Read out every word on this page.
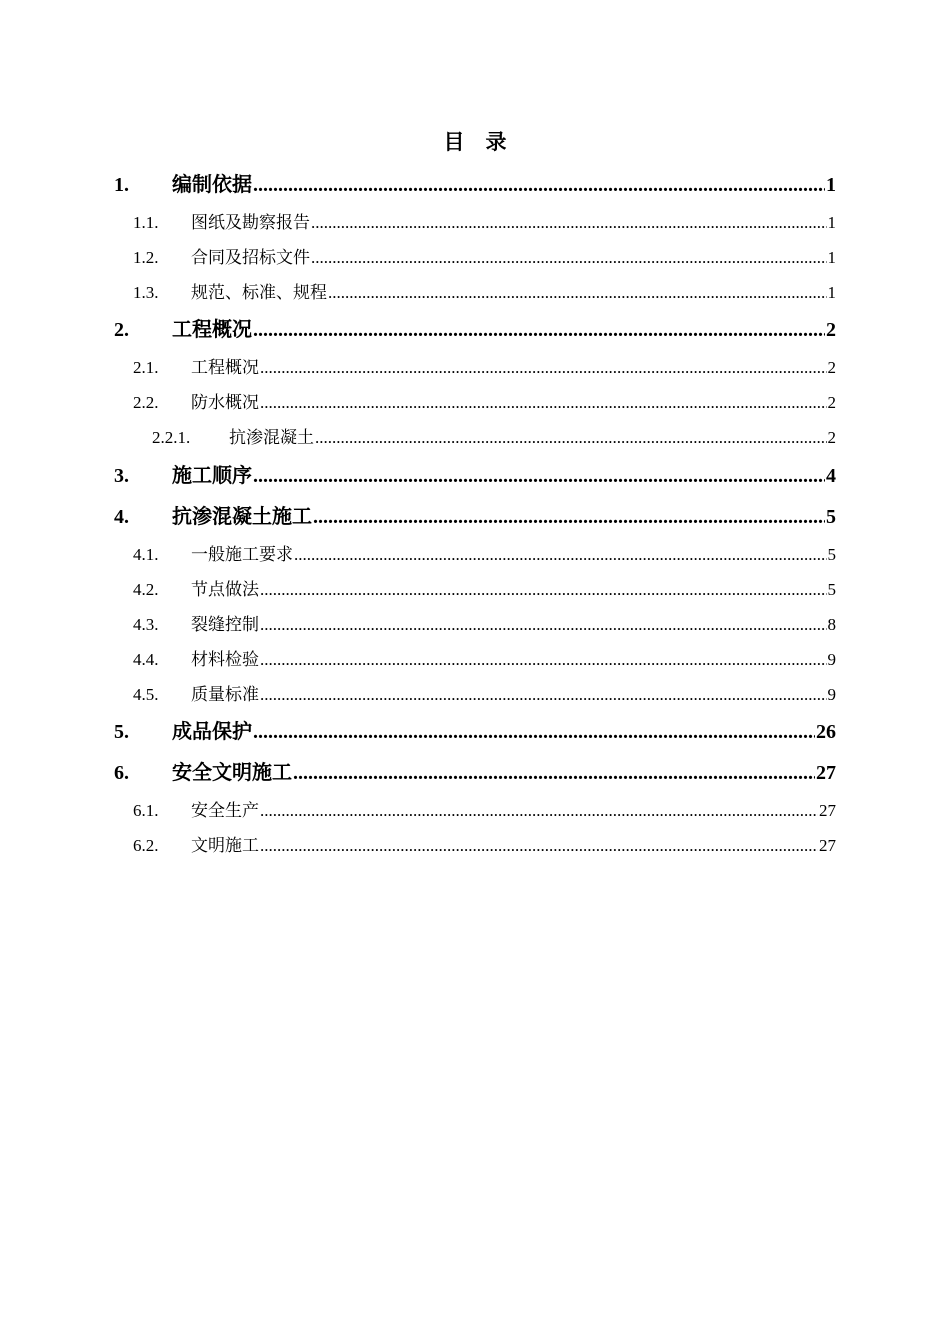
目　录
1.	编制依据 .....	1
1.1.	图纸及勘察报告 .....	1
1.2.	合同及招标文件 .....	1
1.3.	规范、标准、规程 .....	1
2.	工程概况 .....	2
2.1.	工程概况 .....	2
2.2.	防水概况 .....	2
2.2.1.	抗渗混凝土 .....	2
3.	施工顺序 .....	4
4.	抗渗混凝土施工 .....	5
4.1.	一般施工要求 .....	5
4.2.	节点做法 .....	5
4.3.	裂缝控制 .....	8
4.4.	材料检验 .....	9
4.5.	质量标准 .....	9
5.	成品保护 .....	26
6.	安全文明施工 .....	27
6.1.	安全生产 .....	27
6.2.	文明施工 .....	27
